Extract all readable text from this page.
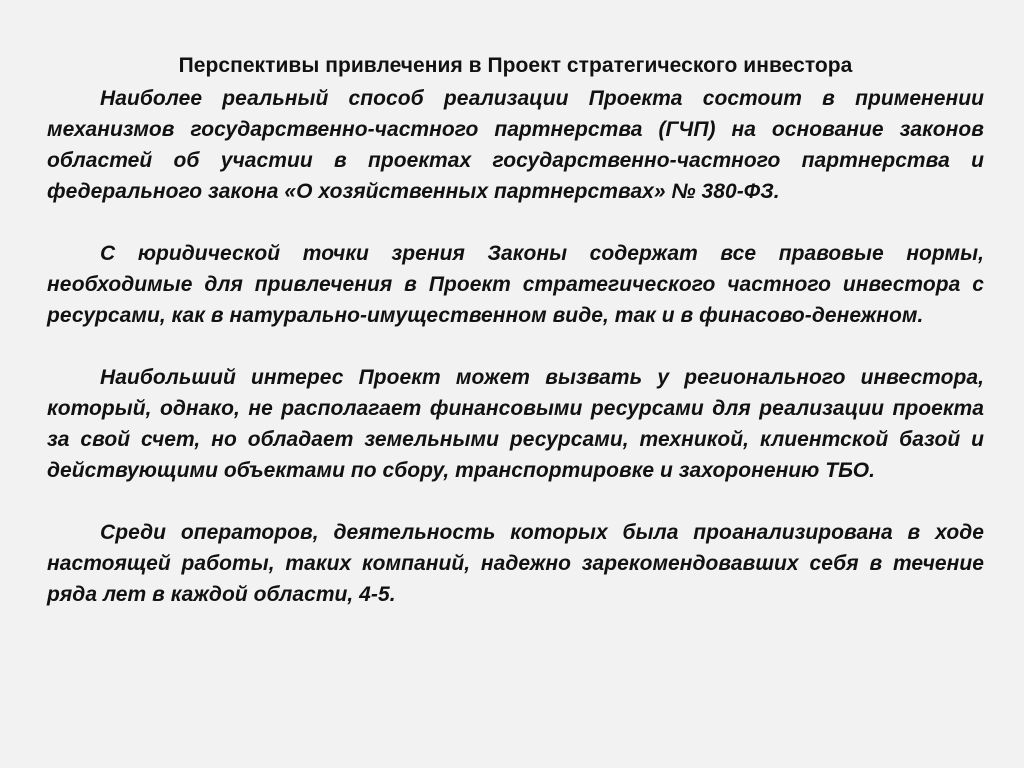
Перспективы привлечения в Проект стратегического инвестора

Наиболее реальный способ реализации Проекта состоит в применении механизмов государственно-частного партнерства (ГЧП) на основание законов областей об участии в проектах государственно-частного партнерства и федерального закона «О хозяйственных партнерствах» № 380-ФЗ.

С юридической точки зрения Законы содержат все правовые нормы, необходимые для привлечения в Проект стратегического частного инвестора с ресурсами, как в натурально-имущественном виде, так и в финасово-денежном.

Наибольший интерес Проект может вызвать у регионального инвестора, который, однако, не располагает финансовыми ресурсами для реализации проекта за свой счет, но обладает земельными ресурсами, техникой, клиентской базой и действующими объектами по сбору, транспортировке и захоронению ТБО.

Среди операторов, деятельность которых была проанализирована в ходе настоящей работы, таких компаний, надежно зарекомендовавших себя в течение ряда лет в каждой области, 4-5.
